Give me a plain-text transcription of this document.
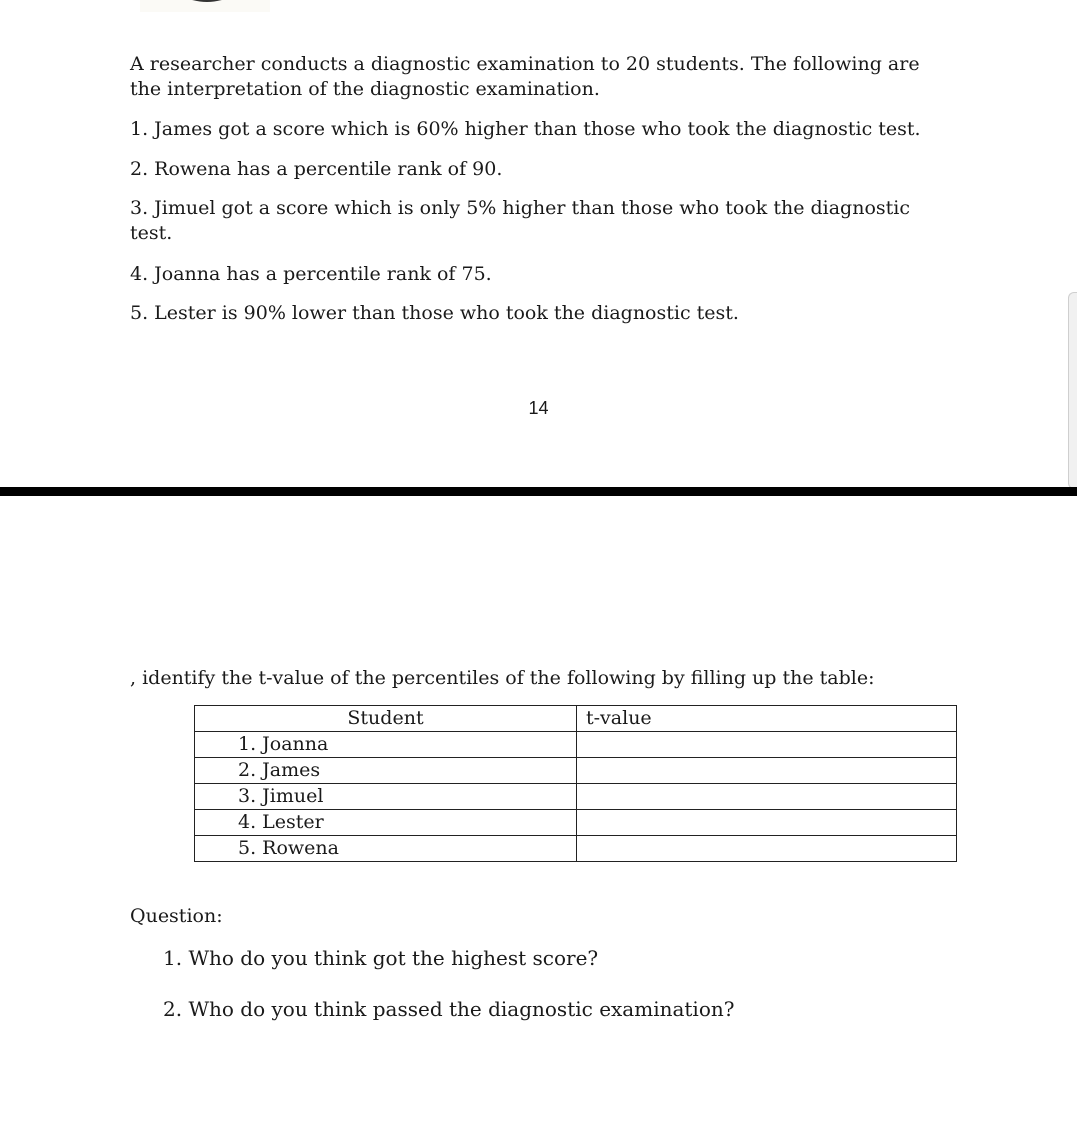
A researcher conducts a diagnostic examination to 20 students. The following are the interpretation of the diagnostic examination.

1. James got a score which is 60% higher than those who took the diagnostic test.

2. Rowena has a percentile rank of 90.

3. Jimuel got a score which is only 5% higher than those who took the diagnostic test.

4. Joanna has a percentile rank of 75.

5. Lester is 90% lower than those who took the diagnostic test.

14
, identify the t-value of the percentiles of the following by filling up the table:
Student	t-value
1. Joanna	
2. James	
3. Jimuel	
4. Lester	
5. Rowena	
Question:
1. Who do you think got the highest score?
2. Who do you think passed the diagnostic examination?
